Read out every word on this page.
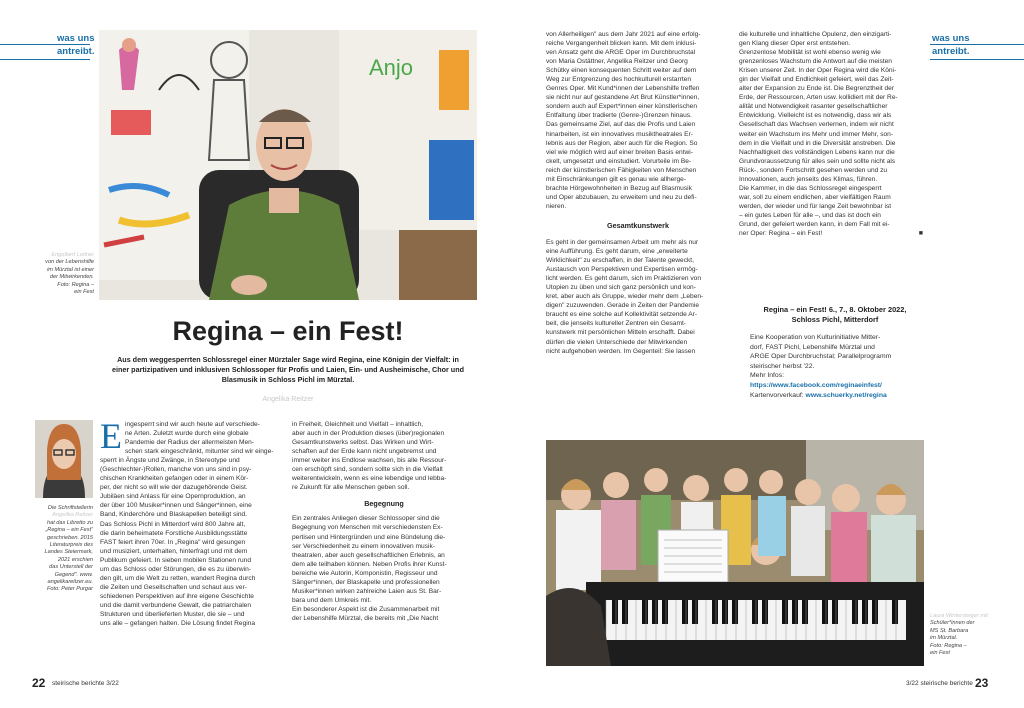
was uns
antreibt.
was uns
antreibt.
Anjo
Engelbert Leitner
von der Lebenshilfe
im Mürztal ist einer
der Mitwirkenden.
Foto: Regina –
ein Fest
Regina – ein Fest!
Aus dem weggesperrten Schlossregel einer Mürztaler Sage wird Regina, eine Königin der Vielfalt: in
einer partizipativen und inklusiven Schlossoper für Profis und Laien, Ein- und Ausheimische, Chor und
Blasmusik in Schloss Pichl im Mürztal.
Angelika Reitzer
Die Schriftstellerin
Angelika Reitzer
hat das Libretto zu
„Regina – ein Fest“
geschrieben. 2015
Literaturpreis des
Landes Steiermark,
2021 erschien
das Unterstell der
Gegend". www.
angelikareitzer.eu.
Foto: Peter Purgar
E ingesperrt sind wir auch heute auf verschiede-
ne Arten. Zuletzt wurde durch eine globale
Pandemie der Radius der allermeisten Men-
schen stark eingeschränkt, mitunter sind wir einge-
sperrt in Ängste und Zwänge, in Stereotype und
(Geschlechter-)Rollen, manche von uns sind in psy-
chischen Krankheiten gefangen oder in einem Kör-
per, der nicht so will wie der dazugehörende Geist.
Jubiläen sind Anlass für eine Opernproduktion, an
der über 100 Musiker*innen und Sänger*innen, eine
Band, Kinderchöre und Blaskapellen beteiligt sind.
Das Schloss Pichl in Mitterdorf wird 800 Jahre alt,
die darin beheimatete Forstliche Ausbildungsstätte
FAST feiert ihren 70er. In „Regina" wird gesungen
und musiziert, unterhalten, hinterfragt und mit dem
Publikum gefeiert. In sieben mobilen Stationen rund
um das Schloss oder Störungen, die es zu überwin-
den gilt, um die Welt zu retten, wandert Regina durch
die Zeiten und Gesellschaften und schaut aus ver-
schiedenen Perspektiven auf ihre eigene Geschichte
und die damit verbundene Gewalt, die patriarchalen
Strukturen und überlieferten Muster, die sie – und
uns alle – gefangen halten. Die Lösung findet Regina
in Freiheit, Gleichheit und Vielfalt – inhaltlich,
aber auch in der Produktion dieses (über)regionalen
Gesamtkunstwerks selbst. Das Wirken und Wirt-
schaften auf der Erde kann nicht ungebremst und
immer weiter ins Endlose wachsen, bis alle Ressour-
cen erschöpft sind, sondern sollte sich in die Vielfalt
weiterentwickeln, wenn es eine lebendige und lebba-
re Zukunft für alle Menschen geben soll.
Begegnung
Ein zentrales Anliegen dieser Schlossoper sind die
Begegnung von Menschen mit verschiedensten Ex-
pertisen und Hintergründen und eine Bündelung die-
ser Verschiedenheit zu einem innovativen musik-
theatralen, aber auch gesellschaftlichen Erlebnis, an
dem alle teilhaben können. Neben Profis ihrer Kunst-
bereiche wie Autorin, Komponistin, Regisseur und
Sänger*innen, der Blaskapelle und professionellen
Musiker*innen wirken zahlreiche Laien aus St. Bar-
bara und dem Umkreis mit.
Ein besonderer Aspekt ist die Zusammenarbeit mit
der Lebenshilfe Mürztal, die bereits mit „Die Nacht
von Allerheiligen" aus dem Jahr 2021 auf eine erfolg-
reiche Vergangenheit blicken kann. Mit dem inklusi-
ven Ansatz geht die ARGE Oper im Durchbruchstal
von Maria Ostättner, Angelika Reitzer und Georg
Schütky einen konsequenten Schritt weiter auf dem
Weg zur Entgrenzung des hochkulturell erstarrten
Genres Oper. Mit Kund*innen der Lebenshilfe treffen
sie nicht nur auf gestandene Art Brut Künstler*innen,
sondern auch auf Expert*innen einer künstlerischen
Entfaltung über tradierte (Genre-)Grenzen hinaus.
Das gemeinsame Ziel, auf das die Profis und Laien
hinarbeiten, ist ein innovatives musiktheatrales Er-
lebnis aus der Region, aber auch für die Region. So
viel wie möglich wird auf einer breiten Basis entwi-
ckelt, umgesetzt und einstudiert. Vorurteile im Be-
reich der künstlerischen Fähigkeiten von Menschen
mit Einschränkungen gilt es genau wie allherge-
brachte Hörgewohnheiten in Bezug auf Blasmusik
und Oper abzubauen, zu erweitern und neu zu defi-
nieren.
Gesamtkunstwerk
Es geht in der gemeinsamen Arbeit um mehr als nur
eine Aufführung. Es geht darum, eine „erweiterte
Wirklichkeit" zu erschaffen, in der Talente geweckt,
Austausch von Perspektiven und Expertisen ermög-
licht werden. Es geht darum, sich im Praktizieren von
Utopien zu üben und sich ganz persönlich und kon-
kret, aber auch als Gruppe, wieder mehr dem „Leben-
digen" zuzuwenden. Gerade in Zeiten der Pandemie
braucht es eine solche auf Kollektivität setzende Ar-
beit, die jenseits kultureller Zentren ein Gesamt-
kunstwerk mit persönlichen Mitteln erschafft. Dabei
dürfen die vielen Unterschiede der Mitwirkenden
nicht aufgehoben werden. Im Gegenteil: Sie lassen
die kulturelle und inhaltliche Opulenz, den einzigarti-
gen Klang dieser Oper erst entstehen.
Grenzenlose Mobilität ist wohl ebenso wenig wie
grenzenloses Wachstum die Antwort auf die meisten
Krisen unserer Zeit. In der Oper Regina wird die Köni-
gin der Vielfalt und Endlichkeit gefeiert, weil das Zeit-
alter der Expansion zu Ende ist. Die Begrenztheit der
Erde, der Ressourcen, Arten usw. kollidiert mit der Re-
alität und Notwendigkeit rasanter gesellschaftlicher
Entwicklung. Vielleicht ist es notwendig, dass wir als
Gesellschaft das Wachsen verlernen, indem wir nicht
weiter ein Wachstum ins Mehr und immer Mehr, son-
dem in die Vielfalt und in die Diversität anstreben. Die
Nachhaltigkeit des vollständigen Lebens kann nur die
Grundvoraussetzung für alles sein und sollte nicht als
Rück-, sondern Fortschritt gesehen werden und zu
Innovationen, auch jenseits des Klimas, führen.
Die Kammer, in die das Schlossregel eingesperrt
war, soll zu einem endlichen, aber vielfältigen Raum
werden, der wieder und für lange Zeit bewohnbar ist
– ein gutes Leben für alle –, und das ist doch ein
Grund, der gefeiert werden kann, in dem Fall mit ei-
ner Oper: Regina – ein Fest!	■
Regina – ein Fest! 6., 7., 8. Oktober 2022,
Schloss Pichl, Mitterdorf
Eine Kooperation von Kulturinitiative Mitter-
dorf, FAST Pichl, Lebenshilfe Mürztal und
ARGE Oper Durchbruchstal; Parallelprogramm
steirischer herbst '22.
Mehr Infos:
https://www.facebook.com/reginaeinfest/
Kartenvorverkauf: www.schuerky.net/regina
Laura Wintersteiger mit
Schüler*innen der
MS St. Barbara
im Mürztal.
Foto: Regina –
ein Fest
22 steirische berichte 3/22	3/22 steirische berichte 23
